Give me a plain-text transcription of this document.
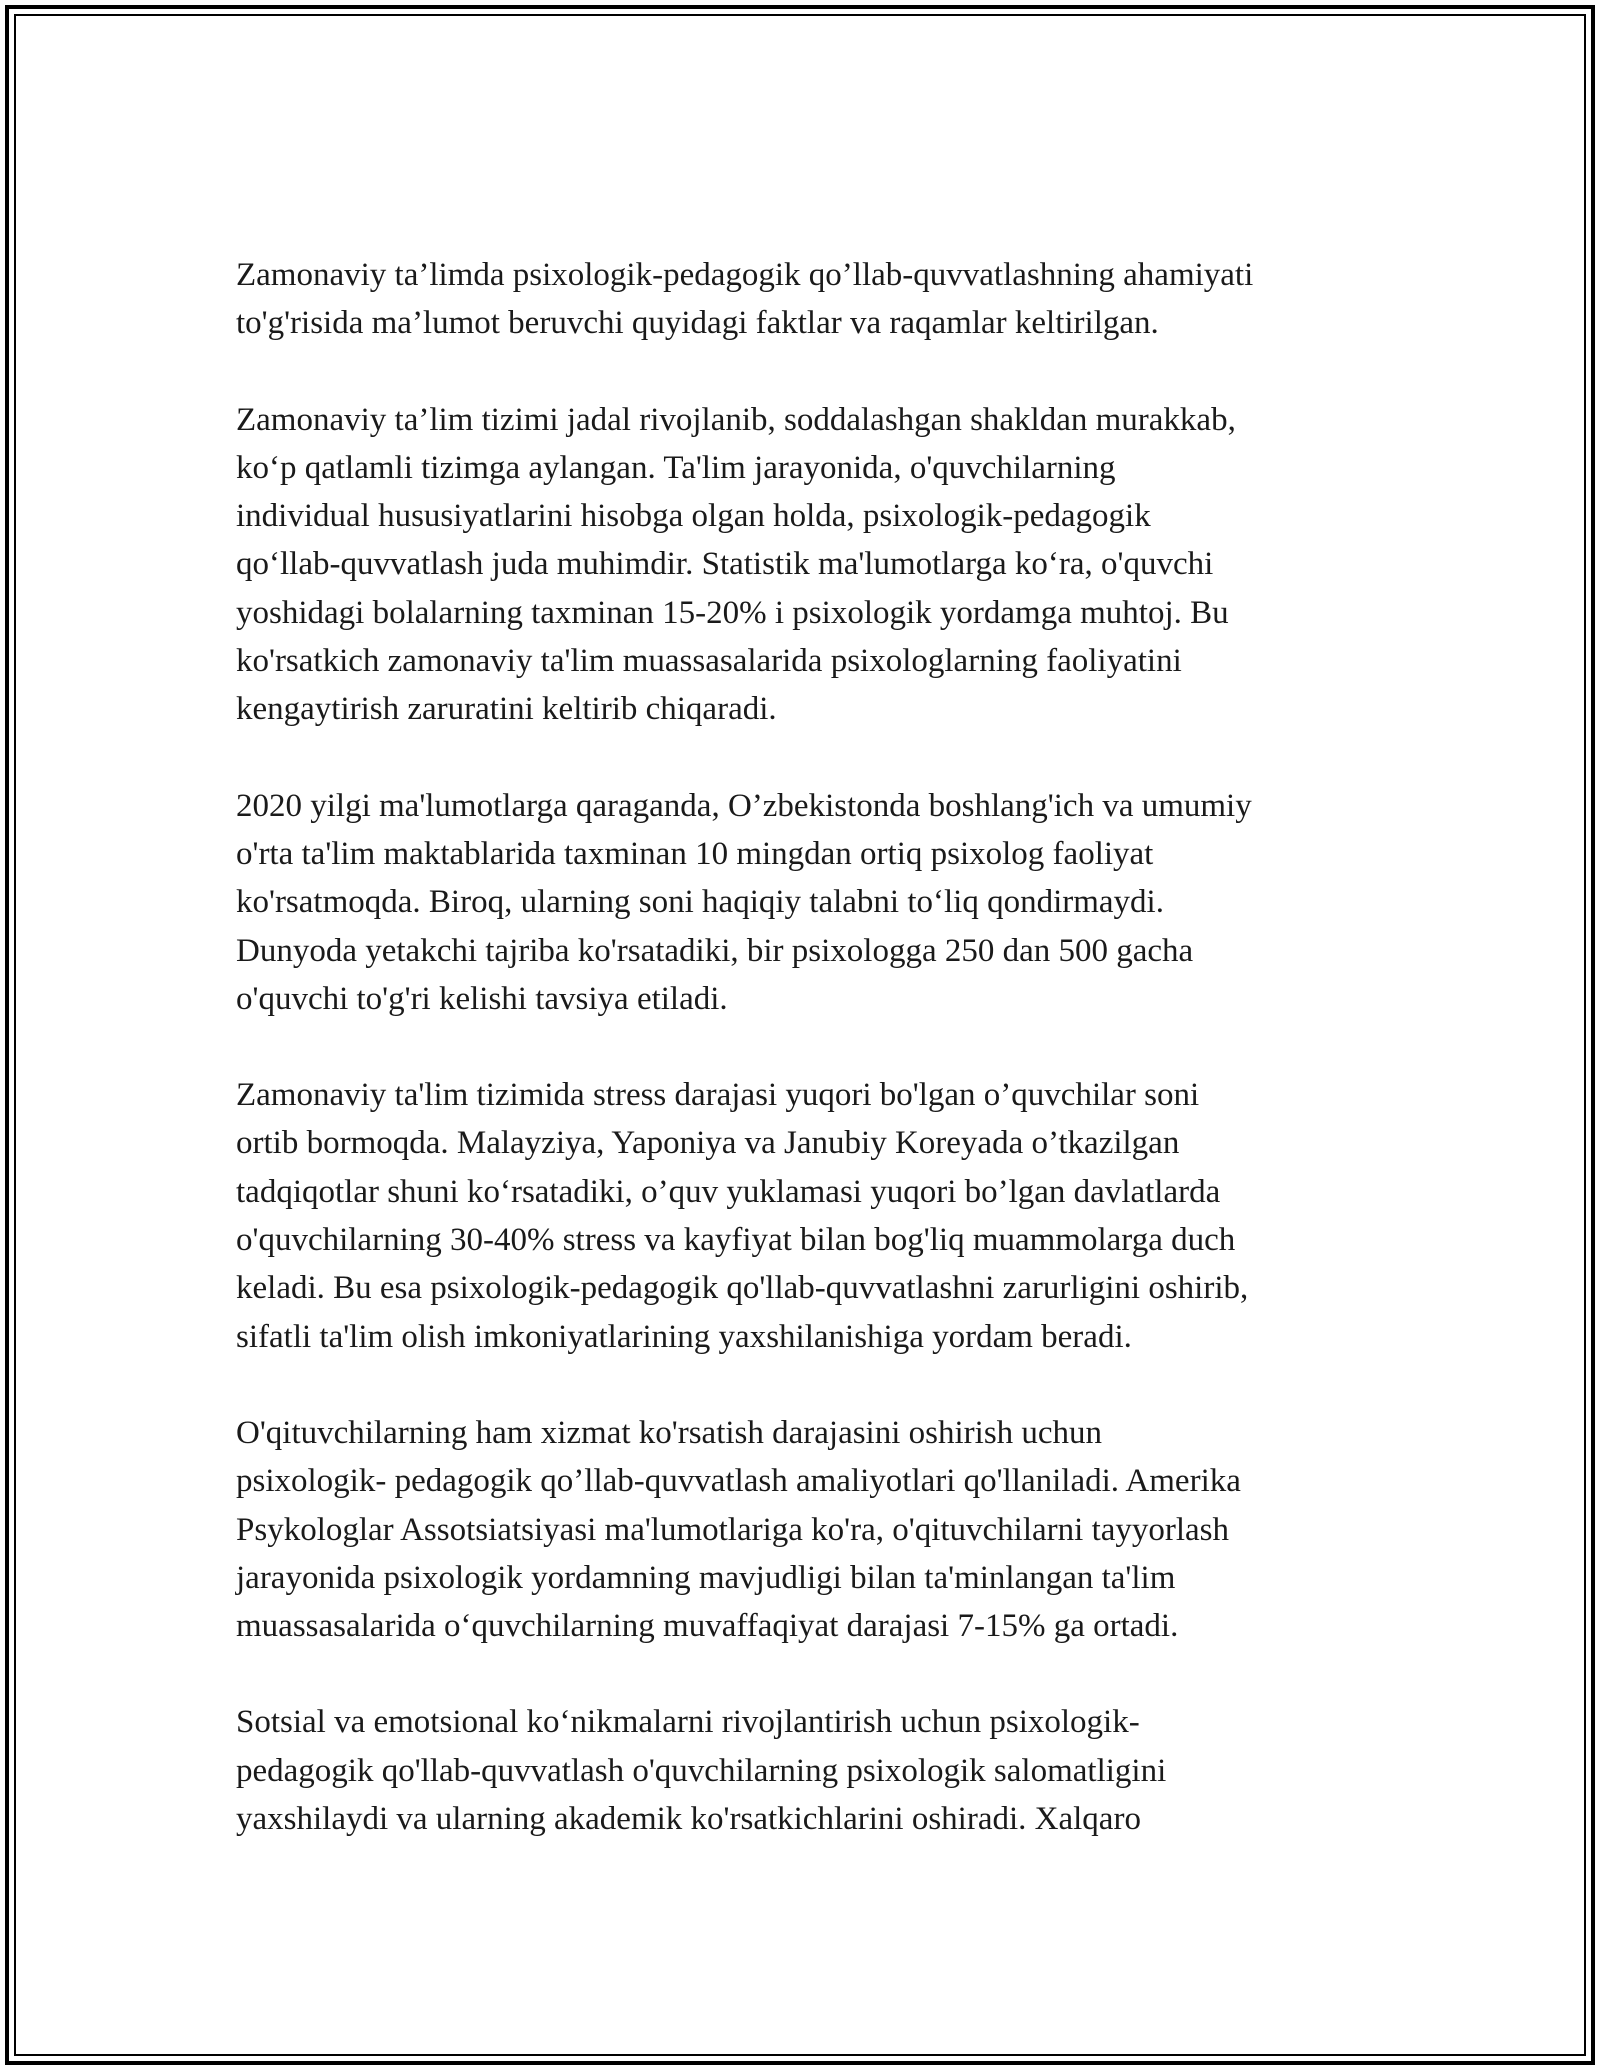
Zamonaviy ta’limda psixologik-pedagogik qo’llab-quvvatlashning ahamiyati
to'g'risida ma’lumot beruvchi quyidagi faktlar va raqamlar keltirilgan.

Zamonaviy ta’lim tizimi jadal rivojlanib, soddalashgan shakldan murakkab,
ko‘p qatlamli tizimga aylangan. Ta'lim jarayonida, o'quvchilarning
individual hususiyatlarini hisobga olgan holda, psixologik-pedagogik
qo‘llab-quvvatlash juda muhimdir. Statistik ma'lumotlarga ko‘ra, o'quvchi
yoshidagi bolalarning taxminan 15-20% i psixologik yordamga muhtoj. Bu
ko'rsatkich zamonaviy ta'lim muassasalarida psixologlarning faoliyatini
kengaytirish zaruratini keltirib chiqaradi.

2020 yilgi ma'lumotlarga qaraganda, O’zbekistonda boshlang'ich va umumiy
o'rta ta'lim maktablarida taxminan 10 mingdan ortiq psixolog faoliyat
ko'rsatmoqda. Biroq, ularning soni haqiqiy talabni to‘liq qondirmaydi.
Dunyoda yetakchi tajriba ko'rsatadiki, bir psixologga 250 dan 500 gacha
o'quvchi to'g'ri kelishi tavsiya etiladi.

Zamonaviy ta'lim tizimida stress darajasi yuqori bo'lgan o’quvchilar soni
ortib bormoqda. Malayziya, Yaponiya va Janubiy Koreyada o’tkazilgan
tadqiqotlar shuni ko‘rsatadiki, o’quv yuklamasi yuqori bo’lgan davlatlarda
o'quvchilarning 30-40% stress va kayfiyat bilan bog'liq muammolarga duch
keladi. Bu esa psixologik-pedagogik qo'llab-quvvatlashni zarurligini oshirib,
sifatli ta'lim olish imkoniyatlarining yaxshilanishiga yordam beradi.

O'qituvchilarning ham xizmat ko'rsatish darajasini oshirish uchun
psixologik- pedagogik qo’llab-quvvatlash amaliyotlari qo'llaniladi. Amerika
Psykologlar Assotsiatsiyasi ma'lumotlariga ko'ra, o'qituvchilarni tayyorlash
jarayonida psixologik yordamning mavjudligi bilan ta'minlangan ta'lim
muassasalarida o‘quvchilarning muvaffaqiyat darajasi 7-15% ga ortadi.

Sotsial va emotsional ko‘nikmalarni rivojlantirish uchun psixologik-
pedagogik qo'llab-quvvatlash o'quvchilarning psixologik salomatligini
yaxshilaydi va ularning akademik ko'rsatkichlarini oshiradi. Xalqaro
